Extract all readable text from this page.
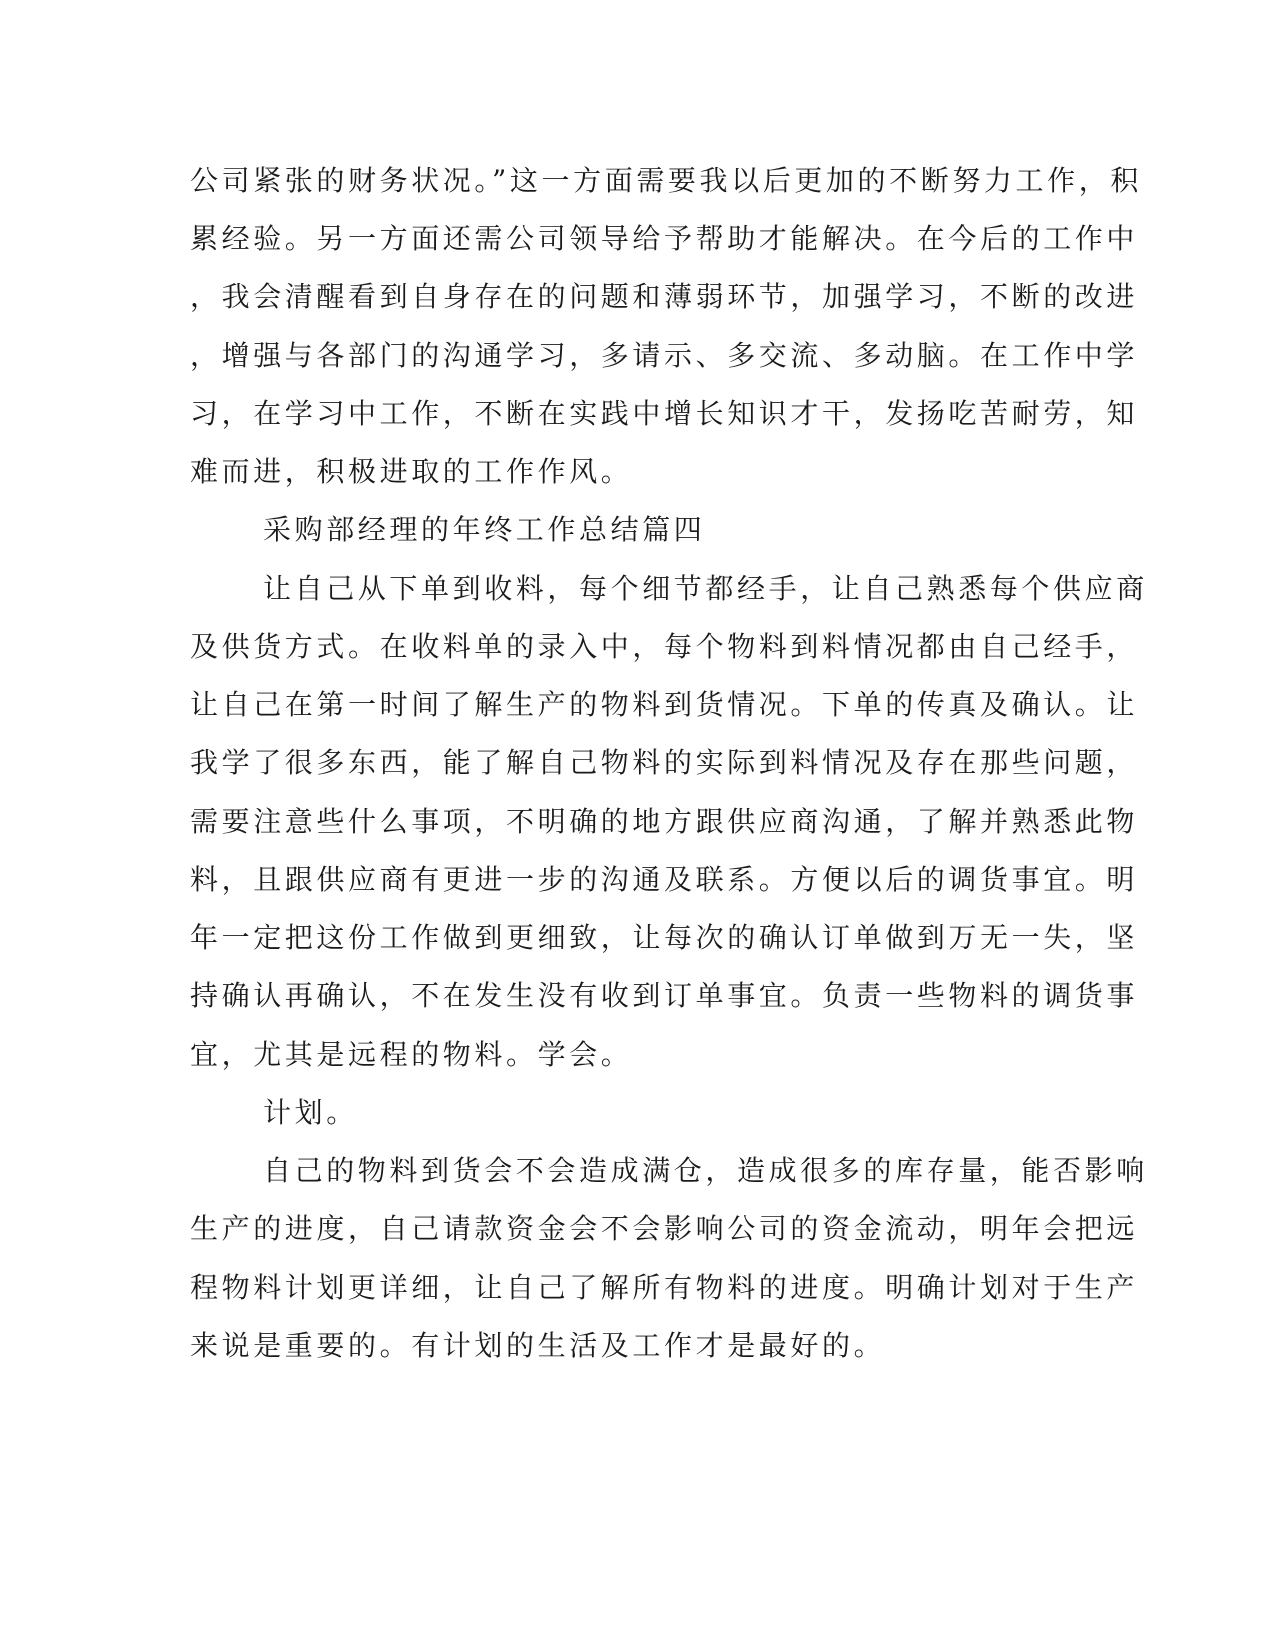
公司紧张的财务状况。”这一方面需要我以后更加的不断努力工作，积
累经验。另一方面还需公司领导给予帮助才能解决。在今后的工作中
，我会清醒看到自身存在的问题和薄弱环节，加强学习，不断的改进
，增强与各部门的沟通学习，多请示、多交流、多动脑。在工作中学
习，在学习中工作，不断在实践中增长知识才干，发扬吃苦耐劳，知
难而进，积极进取的工作作风。
采购部经理的年终工作总结篇四
让自己从下单到收料，每个细节都经手，让自己熟悉每个供应商
及供货方式。在收料单的录入中，每个物料到料情况都由自己经手，
让自己在第一时间了解生产的物料到货情况。下单的传真及确认。让
我学了很多东西，能了解自己物料的实际到料情况及存在那些问题，
需要注意些什么事项，不明确的地方跟供应商沟通，了解并熟悉此物
料，且跟供应商有更进一步的沟通及联系。方便以后的调货事宜。明
年一定把这份工作做到更细致，让每次的确认订单做到万无一失，坚
持确认再确认，不在发生没有收到订单事宜。负责一些物料的调货事
宜，尤其是远程的物料。学会。
计划。
自己的物料到货会不会造成满仓，造成很多的库存量，能否影响
生产的进度，自己请款资金会不会影响公司的资金流动，明年会把远
程物料计划更详细，让自己了解所有物料的进度。明确计划对于生产
来说是重要的。有计划的生活及工作才是最好的。
